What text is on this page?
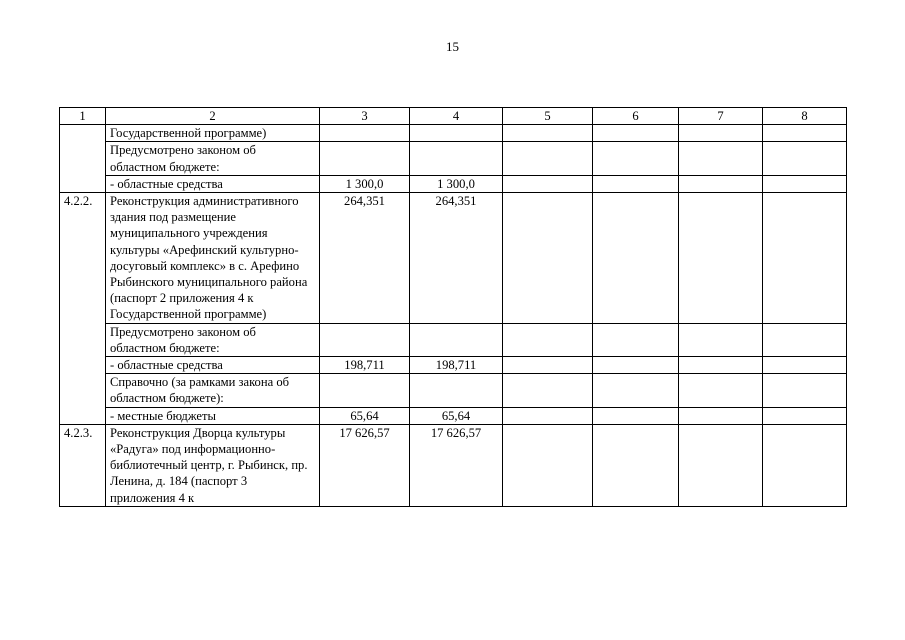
15
1	2	3	4	5	6	7	8
	Государственной программе)						
	Предусмотрено законом об областном бюджете:						
	- областные средства	1 300,0	1 300,0				
4.2.2.	Реконструкция административного здания под размещение муниципального учреждения культуры «Арефинский культурно-досуговый комплекс» в с. Арефино Рыбинского муниципального района (паспорт 2 приложения 4 к Государственной программе)	264,351	264,351				
	Предусмотрено законом об областном бюджете:						
	- областные средства	198,711	198,711				
	Справочно (за рамками закона об областном бюджете):						
	- местные бюджеты	65,64	65,64				
4.2.3.	Реконструкция Дворца культуры «Радуга» под информационно-библиотечный центр, г. Рыбинск, пр. Ленина, д. 184 (паспорт 3 приложения 4 к	17 626,57	17 626,57				
